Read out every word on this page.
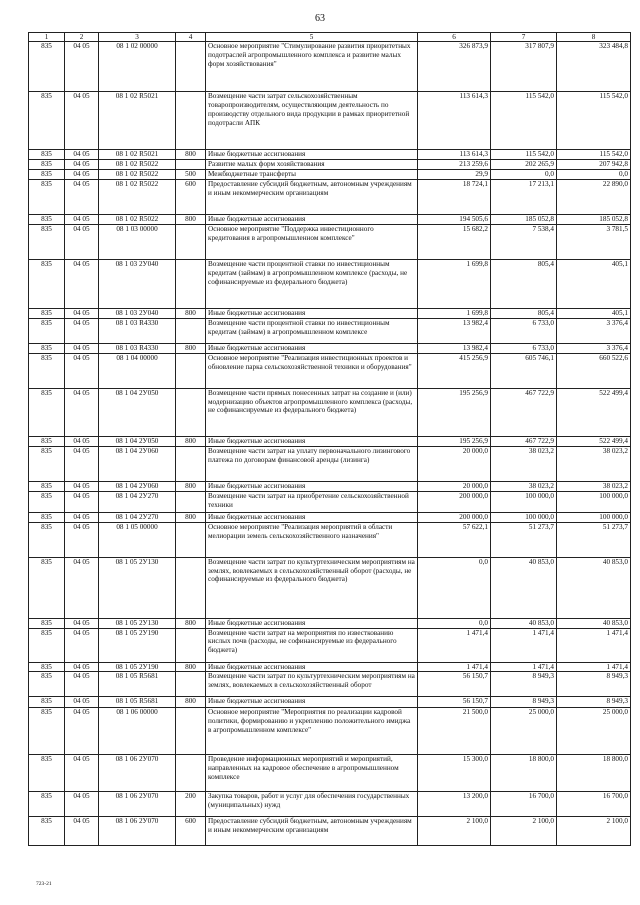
63
1	2	3	4	5	6	7	8
835	04 05	08 1 02 00000		Основное мероприятие "Стимулирование развития приоритетных подотраслей агропромышленного комплекса и развитие малых форм хозяйствования"	326 873,9	317 807,9	323 484,8
835	04 05	08 1 02 R5021		Возмещение части затрат сельскохозяйственным товаропроизводителям, осуществляющим деятельность по производству отдельного вида продукции в рамках приоритетной подотрасли АПК	113 614,3	115 542,0	115 542,0
835	04 05	08 1 02 R5021	800	Иные бюджетные ассигнования	113 614,3	115 542,0	115 542,0
835	04 05	08 1 02 R5022		Развитие малых форм хозяйствования	213 259,6	202 265,9	207 942,8
835	04 05	08 1 02 R5022	500	Межбюджетные трансферты	29,9	0,0	0,0
835	04 05	08 1 02 R5022	600	Предоставление субсидий бюджетным, автономным учреждениям и иным некоммерческим организациям	18 724,1	17 213,1	22 890,0
835	04 05	08 1 02 R5022	800	Иные бюджетные ассигнования	194 505,6	185 052,8	185 052,8
835	04 05	08 1 03 00000		Основное мероприятие "Поддержка инвестиционного кредитования в агропромышленном комплексе"	15 682,2	7 538,4	3 781,5
835	04 05	08 1 03 2У040		Возмещение части процентной ставки по инвестиционным кредитам (займам) в агропромышленном комплексе (расходы, не софинансируемые из федерального бюджета)	1 699,8	805,4	405,1
835	04 05	08 1 03 2У040	800	Иные бюджетные ассигнования	1 699,8	805,4	405,1
835	04 05	08 1 03 R4330		Возмещение части процентной ставки по инвестиционным кредитам (займам) в агропромышленном комплексе	13 982,4	6 733,0	3 376,4
835	04 05	08 1 03 R4330	800	Иные бюджетные ассигнования	13 982,4	6 733,0	3 376,4
835	04 05	08 1 04 00000		Основное мероприятие "Реализация инвестиционных проектов и обновление парка сельскохозяйственной техники и оборудования"	415 256,9	605 746,1	660 522,6
835	04 05	08 1 04 2У050		Возмещение части прямых понесенных затрат на создание и (или) модернизацию объектов агропромышленного комплекса (расходы, не софинансируемые из федерального бюджета)	195 256,9	467 722,9	522 499,4
835	04 05	08 1 04 2У050	800	Иные бюджетные ассигнования	195 256,9	467 722,9	522 499,4
835	04 05	08 1 04 2У060		Возмещение части затрат на уплату первоначального лизингового платежа по договорам финансовой аренды (лизинга)	20 000,0	38 023,2	38 023,2
835	04 05	08 1 04 2У060	800	Иные бюджетные ассигнования	20 000,0	38 023,2	38 023,2
835	04 05	08 1 04 2У270		Возмещение части затрат на приобретение сельскохозяйственной техники	200 000,0	100 000,0	100 000,0
835	04 05	08 1 04 2У270	800	Иные бюджетные ассигнования	200 000,0	100 000,0	100 000,0
835	04 05	08 1 05 00000		Основное мероприятие "Реализация мероприятий в области мелиорации земель сельскохозяйственного назначения"	57 622,1	51 273,7	51 273,7
835	04 05	08 1 05 2У130		Возмещение части затрат по культуртехническим мероприятиям на землях, вовлекаемых в сельскохозяйственный оборот (расходы, не софинансируемые из федерального бюджета)	0,0	40 853,0	40 853,0
835	04 05	08 1 05 2У130	800	Иные бюджетные ассигнования	0,0	40 853,0	40 853,0
835	04 05	08 1 05 2У190		Возмещение части затрат на мероприятия по известкованию кислых почв (расходы, не софинансируемые из федерального бюджета)	1 471,4	1 471,4	1 471,4
835	04 05	08 1 05 2У190	800	Иные бюджетные ассигнования	1 471,4	1 471,4	1 471,4
835	04 05	08 1 05 R5681		Возмещение части затрат по культуртехническим мероприятиям на землях, вовлекаемых в сельскохозяйственный оборот	56 150,7	8 949,3	8 949,3
835	04 05	08 1 05 R5681	800	Иные бюджетные ассигнования	56 150,7	8 949,3	8 949,3
835	04 05	08 1 06 00000		Основное мероприятие "Мероприятия по реализации кадровой политики, формированию и укреплению положительного имиджа в агропромышленном комплексе"	21 500,0	25 000,0	25 000,0
835	04 05	08 1 06 2У070		Проведение информационных мероприятий и мероприятий, направленных на кадровое обеспечение в агропромышленном комплексе	15 300,0	18 800,0	18 800,0
835	04 05	08 1 06 2У070	200	Закупка товаров, работ и услуг для обеспечения государственных (муниципальных) нужд	13 200,0	16 700,0	16 700,0
835	04 05	08 1 06 2У070	600	Предоставление субсидий бюджетным, автономным учреждениям и иным некоммерческим организациям	2 100,0	2 100,0	2 100,0
723-21
